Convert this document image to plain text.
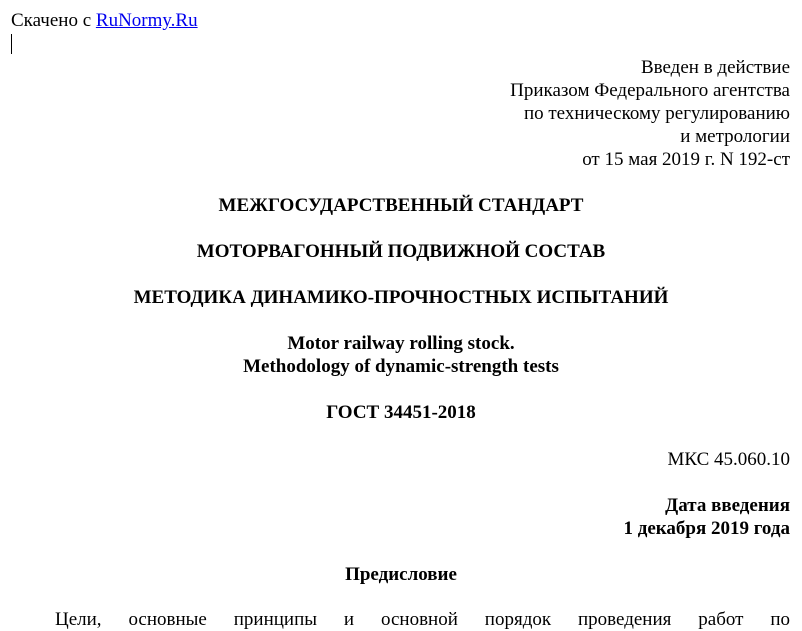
Скачено с RuNormy.Ru
Введен в действие
Приказом Федерального агентства
по техническому регулированию
и метрологии
от 15 мая 2019 г. N 192-ст
МЕЖГОСУДАРСТВЕННЫЙ СТАНДАРТ
МОТОРВАГОННЫЙ ПОДВИЖНОЙ СОСТАВ
МЕТОДИКА ДИНАМИКО-ПРОЧНОСТНЫХ ИСПЫТАНИЙ
Motor railway rolling stock.
Methodology of dynamic-strength tests
ГОСТ 34451-2018
МКС 45.060.10
Дата введения
1 декабря 2019 года
Предисловие
Цели, основные принципы и основной порядок проведения работ по
